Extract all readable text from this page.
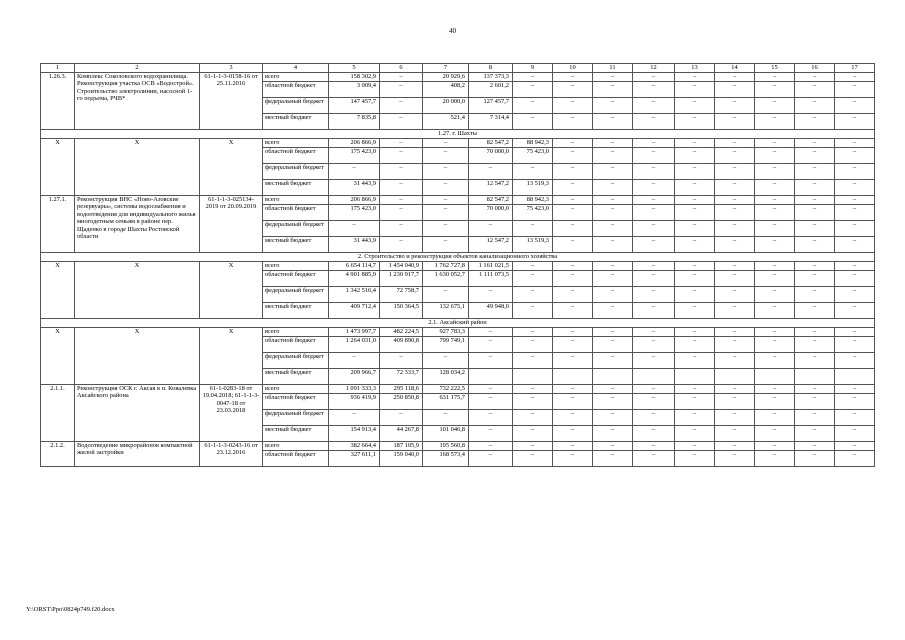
40
1	2	3	4	5	6	7	8	9	10	11	12	13	14	15	16	17
1.26.3.	Комплекс Соколовского водохранилища. Реконструкция участка ОСВ «Водострой». Строительство электролинии, насосной 1-го подъема, РЧВ*	61-1-1-3-0158-16 от 25.11.2016	всего	158 302,9	–	20 929,6	137 373,3	–	–	–	–	–	–	–	–	–
			областной бюджет	3 009,4	–	408,2	2 601,2	–	–	–	–	–	–	–	–	–
			федеральный бюджет	147 457,7	–	20 000,0	127 457,7	–	–	–	–	–	–	–	–	–
			местный бюджет	7 835,8	–	521,4	7 314,4	–	–	–	–	–	–	–	–	–
1.27. г. Шахты																
Х	Х	Х	всего	206 866,9	–	–	82 547,2	88 942,3	–	–	–	–	–	–	–	–
			областной бюджет	175 423,0	–	–	70 000,0	75 423,0	–	–	–	–	–	–	–	–
			федеральный бюджет	–	–	–	–	–	–	–	–	–	–	–	–	–
			местный бюджет	31 443,9	–	–	12 547,2	13 519,3	–	–	–	–	–	–	–	–
1.27.1.	Реконструкция ВНС «Ново-Азовские резервуары», системы водоснабжения и водоотведения для индивидуального жилья многодетным семьям в районе пер. Щаденко в городе Шахты Ростовской области	61-1-1-3-025134-2019 от 20.09.2019	всего	206 866,9	–	–	82 547,2	88 942,3	–	–	–	–	–	–	–	–
			областной бюджет	175 423,0	–	–	70 000,0	75 423,0	–	–	–	–	–	–	–	–
			федеральный бюджет	–	–	–	–	–	–	–	–	–	–	–	–	–
			местный бюджет	31 443,9	–	–	12 547,2	13 519,3	–	–	–	–	–	–	–	–
2. Строительство и реконструкция объектов канализационного хозяйства																
Х	Х	Х	всего	6 654 114,7	1 454 040,9	1 762 727,8	1 161 021,5	–	–	–	–	–	–	–	–	–
			областной бюджет	4 901 885,9	1 230 917,7	1 630 052,7	1 111 073,5	–	–	–	–	–	–	–	–	–
			федеральный бюджет	1 342 516,4	72 758,7	–	–	–	–	–	–	–	–	–	–	–
			местный бюджет	409 712,4	150 364,5	132 675,1	49 948,0	–	–	–	–	–	–	–	–	–
2.1. Аксайский район																
Х	Х	Х	всего	1 473 997,7	482 224,5	927 783,3	–	–	–	–	–	–	–	–	–	–
			областной бюджет	1 264 031,0	409 890,8	799 749,1	–	–	–	–	–	–	–	–	–	–
			федеральный бюджет	–	–	–	–	–	–	–	–	–	–	–	–	–
			местный бюджет	209 966,7	72 333,7	128 034,2										
2.1.1.	Реконструкция ОСК г. Аксая в п. Ковалевка Аксайского района	61-1-0283-18 от 19.04.2018; 61-1-1-3-0047-18 от 23.03.2018	всего	1 091 333,3	295 118,6	732 222,5	–	–	–	–	–	–	–	–	–	–
			областной бюджет	936 419,9	250 850,8	631 175,7	–	–	–	–	–	–	–	–	–	–
			федеральный бюджет	–	–	–	–	–	–	–	–	–	–	–	–	–
			местный бюджет	154 913,4	44 267,8	101 046,8	–	–	–	–	–	–	–	–	–	–
2.1.2.	Водоотведение микрорайонов компактной жилой застройки	61-1-1-3-0243-16 от 23.12.2016	всего	382 664,4	187 105,9	195 560,8	–	–	–	–	–	–	–	–	–	–
			областной бюджет	327 611,1	159 040,0	168 573,4	–	–	–	–	–	–	–	–	–	–
Y:\ORST\Ppo\0824p749.f20.docx
